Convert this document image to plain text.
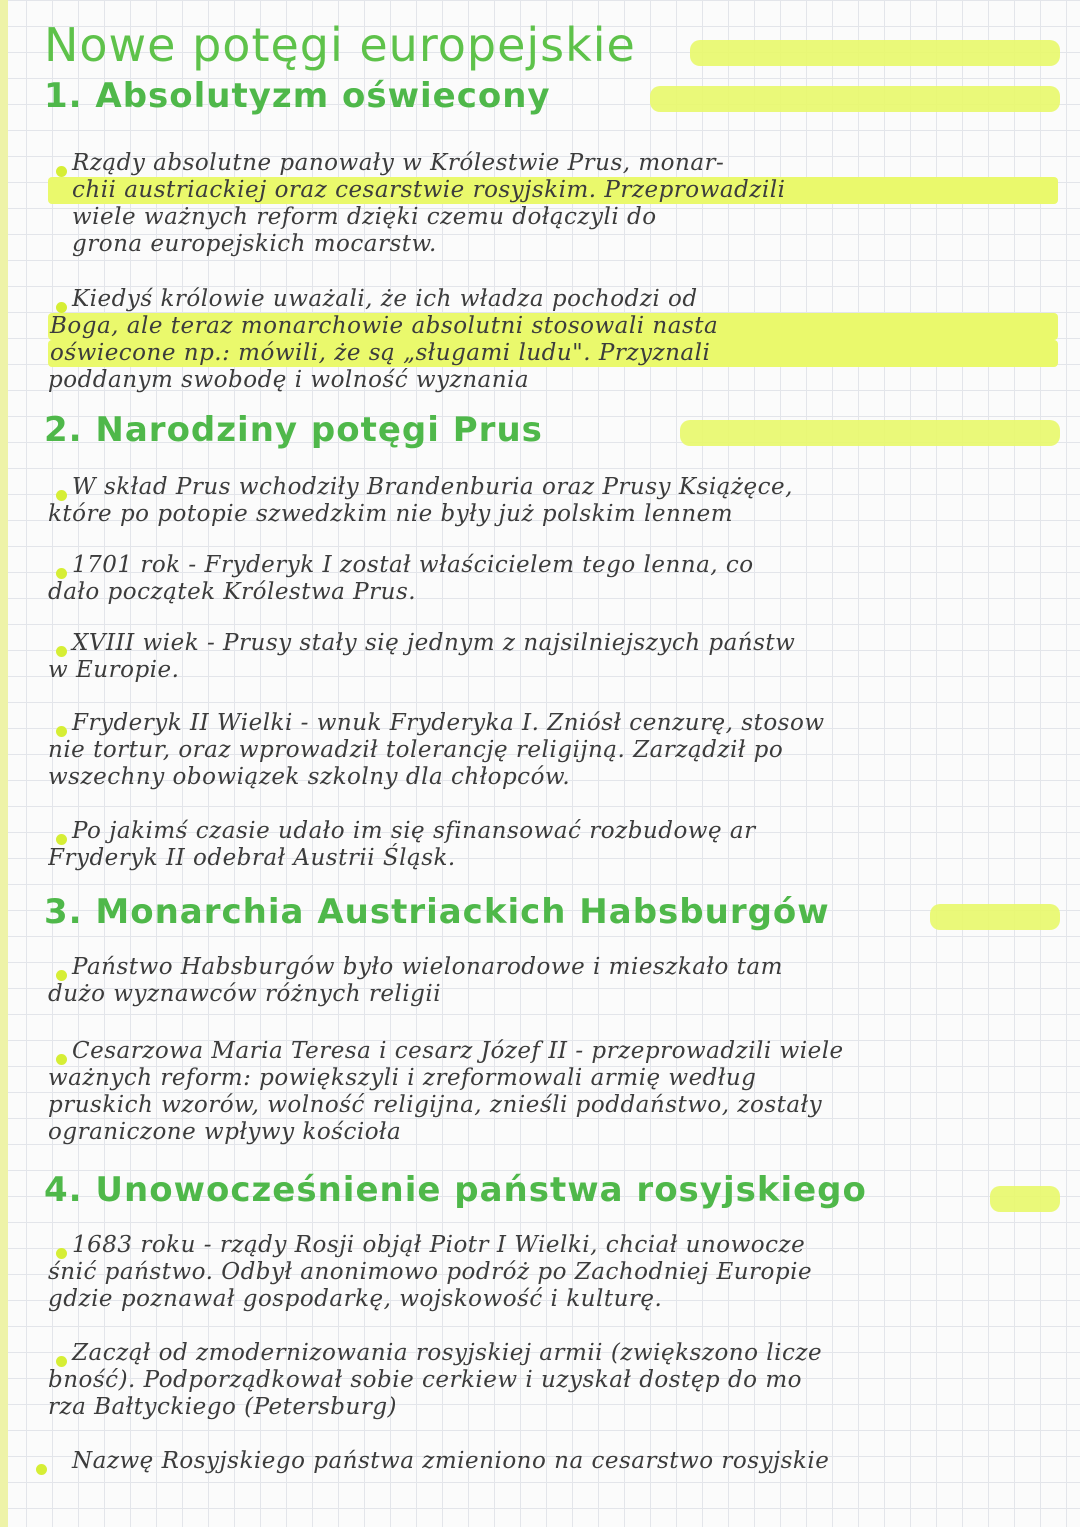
Nowe potęgi europejskie
1. Absolutyzm oświecony

Rządy absolutne panowały w Królestwie Prus, monar-
chii austriackiej oraz cesarstwie rosyjskim. Przeprowadzili
wiele ważnych reform dzięki czemu dołączyli do
grona europejskich mocarstw.

Kiedyś królowie uważali, że ich władza pochodzi od
Boga, ale teraz monarchowie absolutni stosowali nasta
oświecone np.: mówili, że są „sługami ludu". Przyznali
poddanym swobodę i wolność wyznania

2. Narodziny potęgi Prus

W skład Prus wchodziły Brandenburia oraz Prusy Książęce,
które po potopie szwedzkim nie były już polskim lennem

1701 rok - Fryderyk I został właścicielem tego lenna, co
dało początek Królestwa Prus.

XVIII wiek - Prusy stały się jednym z najsilniejszych państw
w Europie.

Fryderyk II Wielki - wnuk Fryderyka I. Zniósł cenzurę, stosow
nie tortur, oraz wprowadził tolerancję religijną. Zarządził po
wszechny obowiązek szkolny dla chłopców.

Po jakimś czasie udało im się sfinansować rozbudowę ar
Fryderyk II odebrał Austrii Śląsk.

3. Monarchia Austriackich Habsburgów

Państwo Habsburgów było wielonarodowe i mieszkało tam
dużo wyznawców różnych religii

Cesarzowa Maria Teresa i cesarz Józef II - przeprowadzili wiele
ważnych reform: powiększyli i zreformowali armię według
pruskich wzorów, wolność religijna, znieśli poddaństwo, zostały
ograniczone wpływy kościoła

4. Unowocześnienie państwa rosyjskiego

1683 roku - rządy Rosji objął Piotr I Wielki, chciał unowocze
śnić państwo. Odbył anonimowo podróż po Zachodniej Europie
gdzie poznawał gospodarkę, wojskowość i kulturę.

Zaczął od zmodernizowania rosyjskiej armii (zwiększono licze
bność). Podporządkował sobie cerkiew i uzyskał dostęp do mo
rza Bałtyckiego (Petersburg)

Nazwę Rosyjskiego państwa zmieniono na cesarstwo rosyjskie
